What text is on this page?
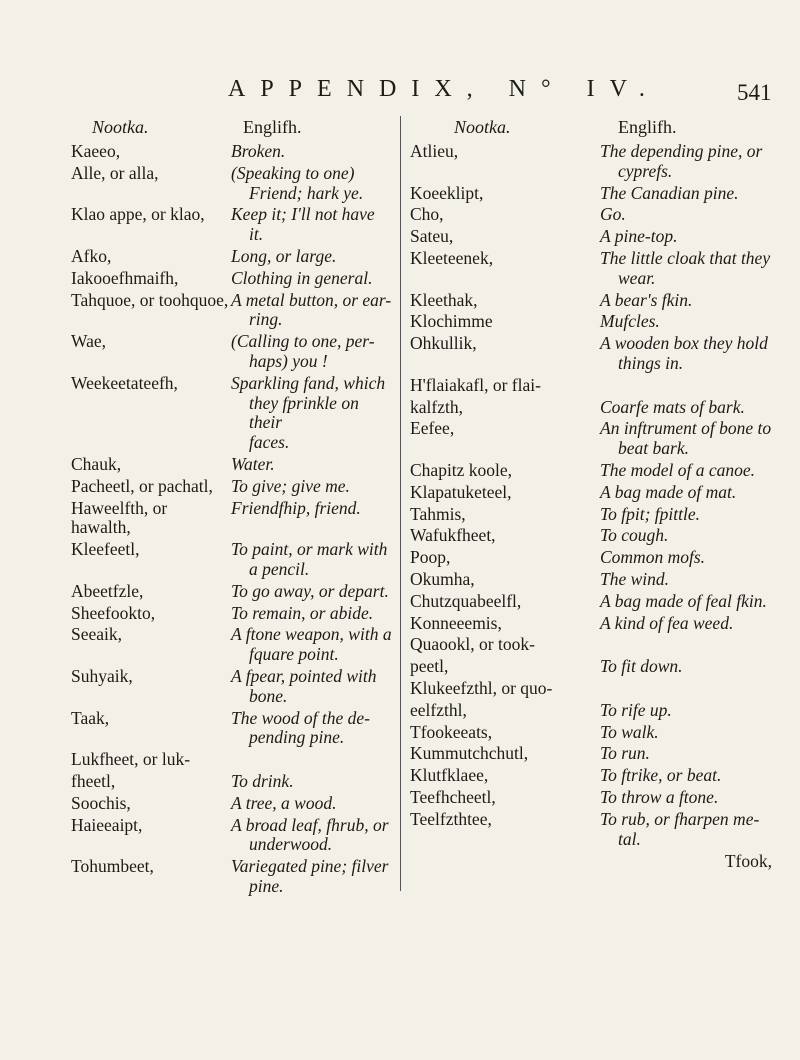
APPENDIX, N° IV.	541
Nootka.	Englifh.	Nootka.	Englifh.
Kaeeo,	Broken.
Alle, or alla,	(Speaking to one)
Friend; hark ye.
Klao appe, or klao,	Keep it; I'll not have
it.
Afko,	Long, or large.
Iakooefhmaifh,	Clothing in general.
Tahquoe, or toohquoe, A metal button, or ear-
ring.
Wae,	(Calling to one, per-
haps) you !
Weekeetateefh,	Sparkling fand, which
they fprinkle on their
faces.
Chauk,	Water.
Pacheetl, or pachatl,	To give; give me.
Haweelfth, or hawalth,
Friendfhip, friend.
Kleefeetl,	To paint, or mark with
a pencil.
Abeetfzle,	To go away, or depart.
Sheefookto,	To remain, or abide.
Seeaik,	A ftone weapon, with a
fquare point.
Suhyaik,	A fpear, pointed with
bone.
Taak,	The wood of the de-
pending pine.
Lukfheet, or luk-
fheetl,	To drink.
Soochis,	A tree, a wood.
Haieeaipt,	A broad leaf, fhrub, or
underwood.
Tohumbeet,	Variegated pine; filver
pine.
Atlieu,	The depending pine, or
cyprefs.
Koeeklipt,	The Canadian pine.
Cho,	Go.
Sateu,	A pine-top.
Kleeteenek,	The little cloak that they
wear.
Kleethak,	A bear's fkin.
Klochimme	Mufcles.
Ohkullik,	A wooden box they hold
things in.
H'flaiakafl, or flai-
kalfzth,	Coarfe mats of bark.
Eefee,	An inftrument of bone to
beat bark.
Chapitz koole,	The model of a canoe.
Klapatuketeel,	A bag made of mat.
Tahmis,	To fpit; fpittle.
Wafukfheet,	To cough.
Poop,	Common mofs.
Okumha,	The wind.
Chutzquabeelfl,	A bag made of feal fkin.
Konneeemis,	A kind of fea weed.
Quaookl, or took-
peetl,	To fit down.
Klukeefzthl, or quo-
eelfzthl,	To rife up.
Tfookeeats,	To walk.
Kummutchchutl,	To run.
Klutfklaee,	To ftrike, or beat.
Teefhcheetl,	To throw a ftone.
Teelfzthtee,	To rub, or fharpen me-
tal.
Tfook,
